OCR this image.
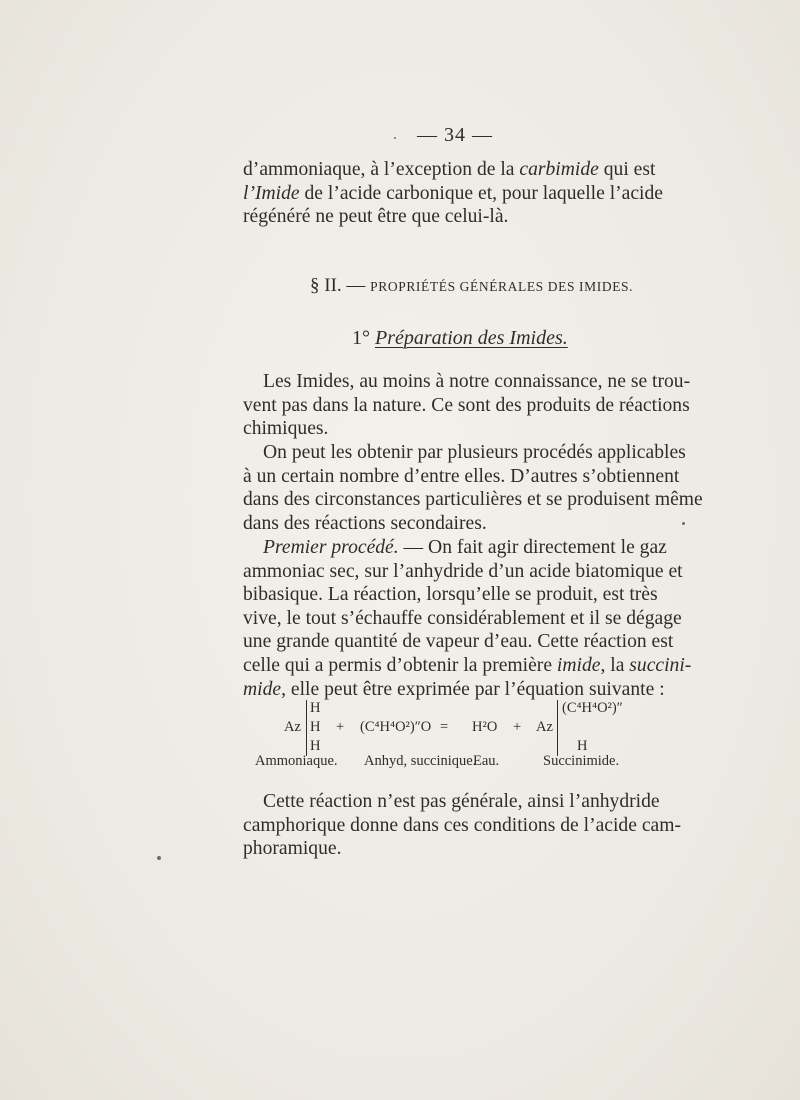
— 34 —
d’ammoniaque, à l’exception de la carbimide qui est
l’Imide de l’acide carbonique et, pour laquelle l’acide
régénéré ne peut être que celui-là.
§ II. — PROPRIÉTÉS GÉNÉRALES DES IMIDES.
1° Préparation des Imides.
Les Imides, au moins à notre connaissance, ne se trou-
vent pas dans la nature. Ce sont des produits de réactions
chimiques.
On peut les obtenir par plusieurs procédés applicables
à un certain nombre d’entre elles. D’autres s’obtiennent
dans des circonstances particulières et se produisent même
dans des réactions secondaires.
Premier procédé. — On fait agir directement le gaz
ammoniac sec, sur l’anhydride d’un acide biatomique et
bibasique. La réaction, lorsqu’elle se produit, est très
vive, le tout s’échauffe considérablement et il se dégage
une grande quantité de vapeur d’eau. Cette réaction est
celle qui a permis d’obtenir la première imide, la succini-
mide, elle peut être exprimée par l’équation suivante :
Az
H
H
H
+ (C⁴H⁴O²)″O = H²O + Az
(C⁴H⁴O²)″
H
Ammoniaque. Anhyd, succinique.
Eau.	Succinimide.
Cette réaction n’est pas générale, ainsi l’anhydride
camphorique donne dans ces conditions de l’acide cam-
phoramique.
